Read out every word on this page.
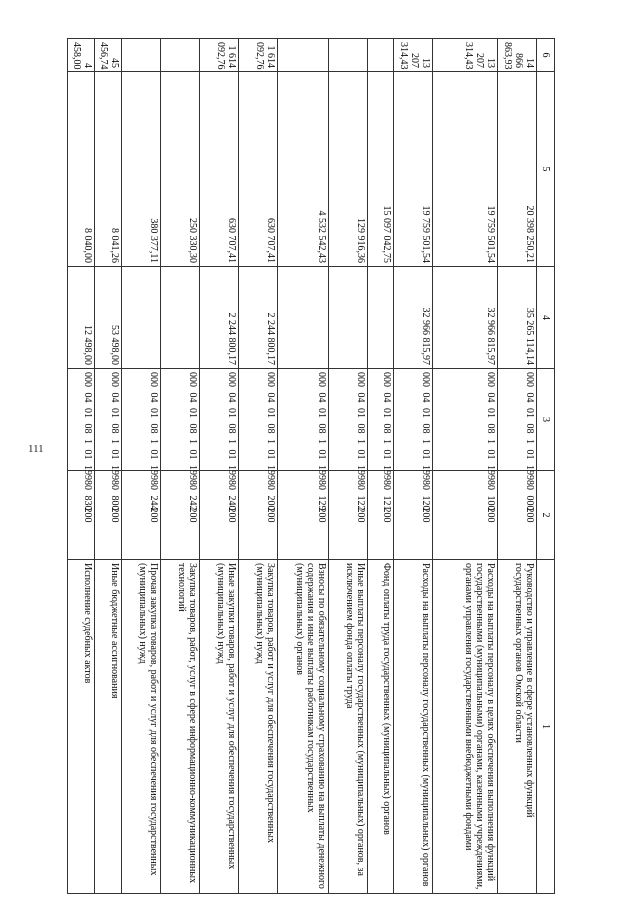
111
6	5	4	3	2	1
14 866 863,93	20 398 250,21	35 265 114,14	000 04 01 08 1 01 19980 000	200	Руководство и управление в сфере установленных функций государственных органов Омской области
13 207 314,43	19 759 501,54	32 966 815,97	000 04 01 08 1 01 19980 100	200	Расходы на выплаты персоналу в целях обеспечения выполнения функций государственными (муниципальными) органами, казенными учреждениями, органами управления государственными внебюджетными фондами
13 207 314,43	19 759 501,54	32 966 815,97	000 04 01 08 1 01 19980 120	200	Расходы на выплаты персоналу государственных (муниципальных) органов
	15 097 042,75		000 04 01 08 1 01 19980 121	200	Фонд оплаты труда государственных (муниципальных) органов
	129 916,36		000 04 01 08 1 01 19980 122	200	Иные выплаты персоналу государственных (муниципальных) органов, за исключением фонда оплаты труда
	4 532 542,43		000 04 01 08 1 01 19980 129	200	Взносы по обязательному социальному страхованию на выплаты денежного содержания и иные выплаты работникам государственных (муниципальных) органов
1 614 092,76	630 707,41	2 244 800,17	000 04 01 08 1 01 19980 200	200	Закупка товаров, работ и услуг для обеспечения государственных (муниципальных) нужд
1 614 092,76	630 707,41	2 244 800,17	000 04 01 08 1 01 19980 240	200	Иные закупки товаров, работ и услуг для обеспечения государственных (муниципальных) нужд
	250 330,30		000 04 01 08 1 01 19980 242	200	Закупка товаров, работ, услуг в сфере информационно-коммуникационных технологий
	380 377,11		000 04 01 08 1 01 19980 244	200	Прочая закупка товаров, работ и услуг для обеспечения государственных (муниципальных) нужд
45 456,74	8 041,26	53 498,00	000 04 01 08 1 01 19980 800	200	Иные бюджетные ассигнования
4 458,00	8 040,00	12 498,00	000 04 01 08 1 01 19980 830	200	Исполнение судебных актов
